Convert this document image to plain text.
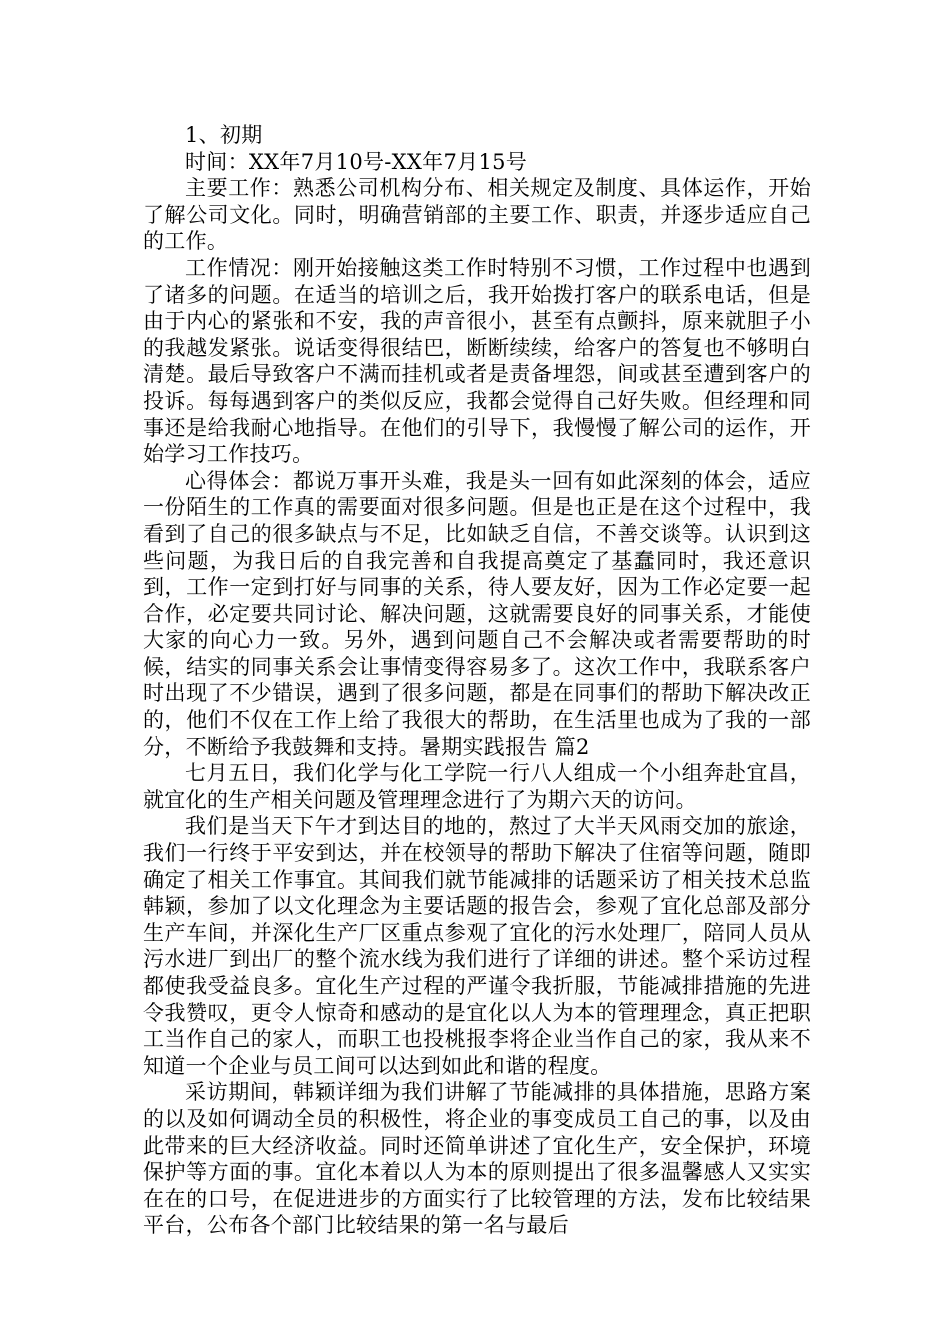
1、初期

时间：XX年7月10号-XX年7月15号

主要工作：熟悉公司机构分布、相关规定及制度、具体运作，开始了解公司文化。同时，明确营销部的主要工作、职责，并逐步适应自己的工作。

工作情况：刚开始接触这类工作时特别不习惯，工作过程中也遇到了诸多的问题。在适当的培训之后，我开始拨打客户的联系电话，但是由于内心的紧张和不安，我的声音很小，甚至有点颤抖，原来就胆子小的我越发紧张。说话变得很结巴，断断续续，给客户的答复也不够明白清楚。最后导致客户不满而挂机或者是责备埋怨，间或甚至遭到客户的投诉。每每遇到客户的类似反应，我都会觉得自己好失败。但经理和同事还是给我耐心地指导。在他们的引导下，我慢慢了解公司的运作，开始学习工作技巧。

心得体会：都说万事开头难，我是头一回有如此深刻的体会，适应一份陌生的工作真的需要面对很多问题。但是也正是在这个过程中，我看到了自己的很多缺点与不足，比如缺乏自信，不善交谈等。认识到这些问题，为我日后的自我完善和自我提高奠定了基蠢同时，我还意识到，工作一定到打好与同事的关系，待人要友好，因为工作必定要一起合作，必定要共同讨论、解决问题，这就需要良好的同事关系，才能使大家的向心力一致。另外，遇到问题自己不会解决或者需要帮助的时候，结实的同事关系会让事情变得容易多了。这次工作中，我联系客户时出现了不少错误，遇到了很多问题，都是在同事们的帮助下解决改正的，他们不仅在工作上给了我很大的帮助，在生活里也成为了我的一部分，不断给予我鼓舞和支持。暑期实践报告 篇2

七月五日，我们化学与化工学院一行八人组成一个小组奔赴宜昌，就宜化的生产相关问题及管理理念进行了为期六天的访问。

我们是当天下午才到达目的地的，熬过了大半天风雨交加的旅途，我们一行终于平安到达，并在校领导的帮助下解决了住宿等问题，随即确定了相关工作事宜。其间我们就节能减排的话题采访了相关技术总监韩颖，参加了以文化理念为主要话题的报告会，参观了宜化总部及部分生产车间，并深化生产厂区重点参观了宜化的污水处理厂，陪同人员从污水进厂到出厂的整个流水线为我们进行了详细的讲述。整个采访过程都使我受益良多。宜化生产过程的严谨令我折服，节能减排措施的先进令我赞叹，更令人惊奇和感动的是宜化以人为本的管理理念，真正把职工当作自己的家人，而职工也投桃报李将企业当作自己的家，我从来不知道一个企业与员工间可以达到如此和谐的程度。

采访期间，韩颖详细为我们讲解了节能减排的具体措施，思路方案的以及如何调动全员的积极性，将企业的事变成员工自己的事，以及由此带来的巨大经济收益。同时还简单讲述了宜化生产，安全保护，环境保护等方面的事。宜化本着以人为本的原则提出了很多温馨感人又实实在在的口号，在促进进步的方面实行了比较管理的方法，发布比较结果平台，公布各个部门比较结果的第一名与最后
